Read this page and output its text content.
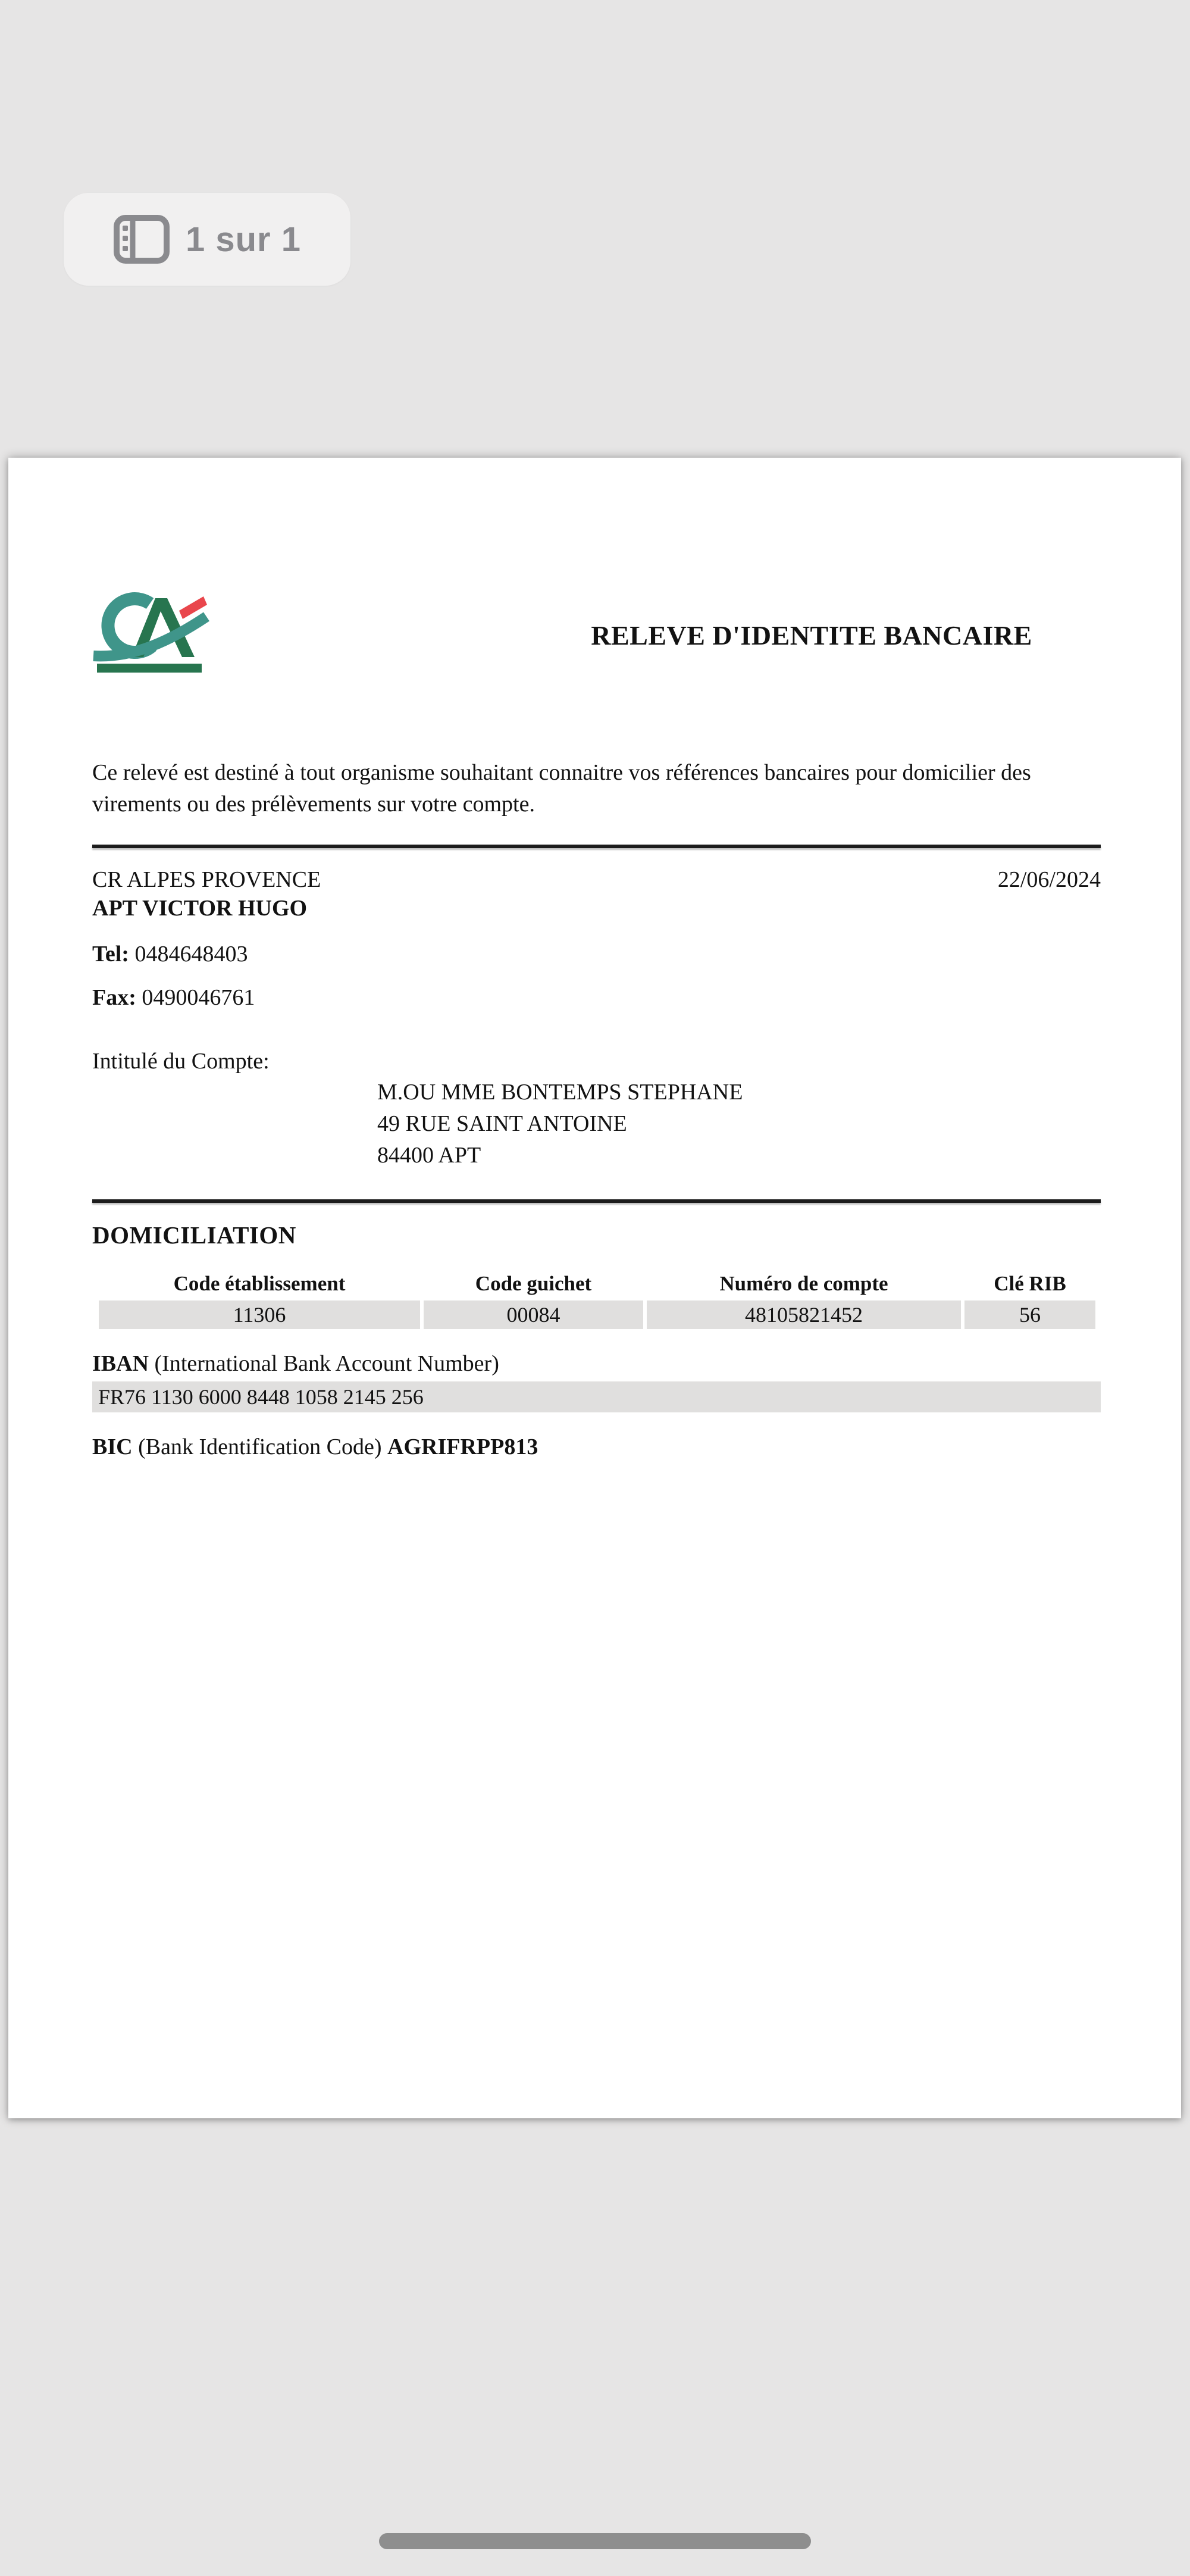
1 sur 1
RELEVE D'IDENTITE BANCAIRE

Ce relevé est destiné à tout organisme souhaitant connaitre vos références bancaires pour domicilier des virements ou des prélèvements sur votre compte.

CR ALPES PROVENCE	22/06/2024
APT VICTOR HUGO
Tel: 0484648403
Fax: 0490046761
Intitulé du Compte:
M.OU MME BONTEMPS STEPHANE
49 RUE SAINT ANTOINE
84400 APT
DOMICILIATION
Code établissement	Code guichet	Numéro de compte	Clé RIB
11306	00084	48105821452	56
IBAN (International Bank Account Number)
FR76 1130 6000 8448 1058 2145 256
BIC (Bank Identification Code) AGRIFRPP813
